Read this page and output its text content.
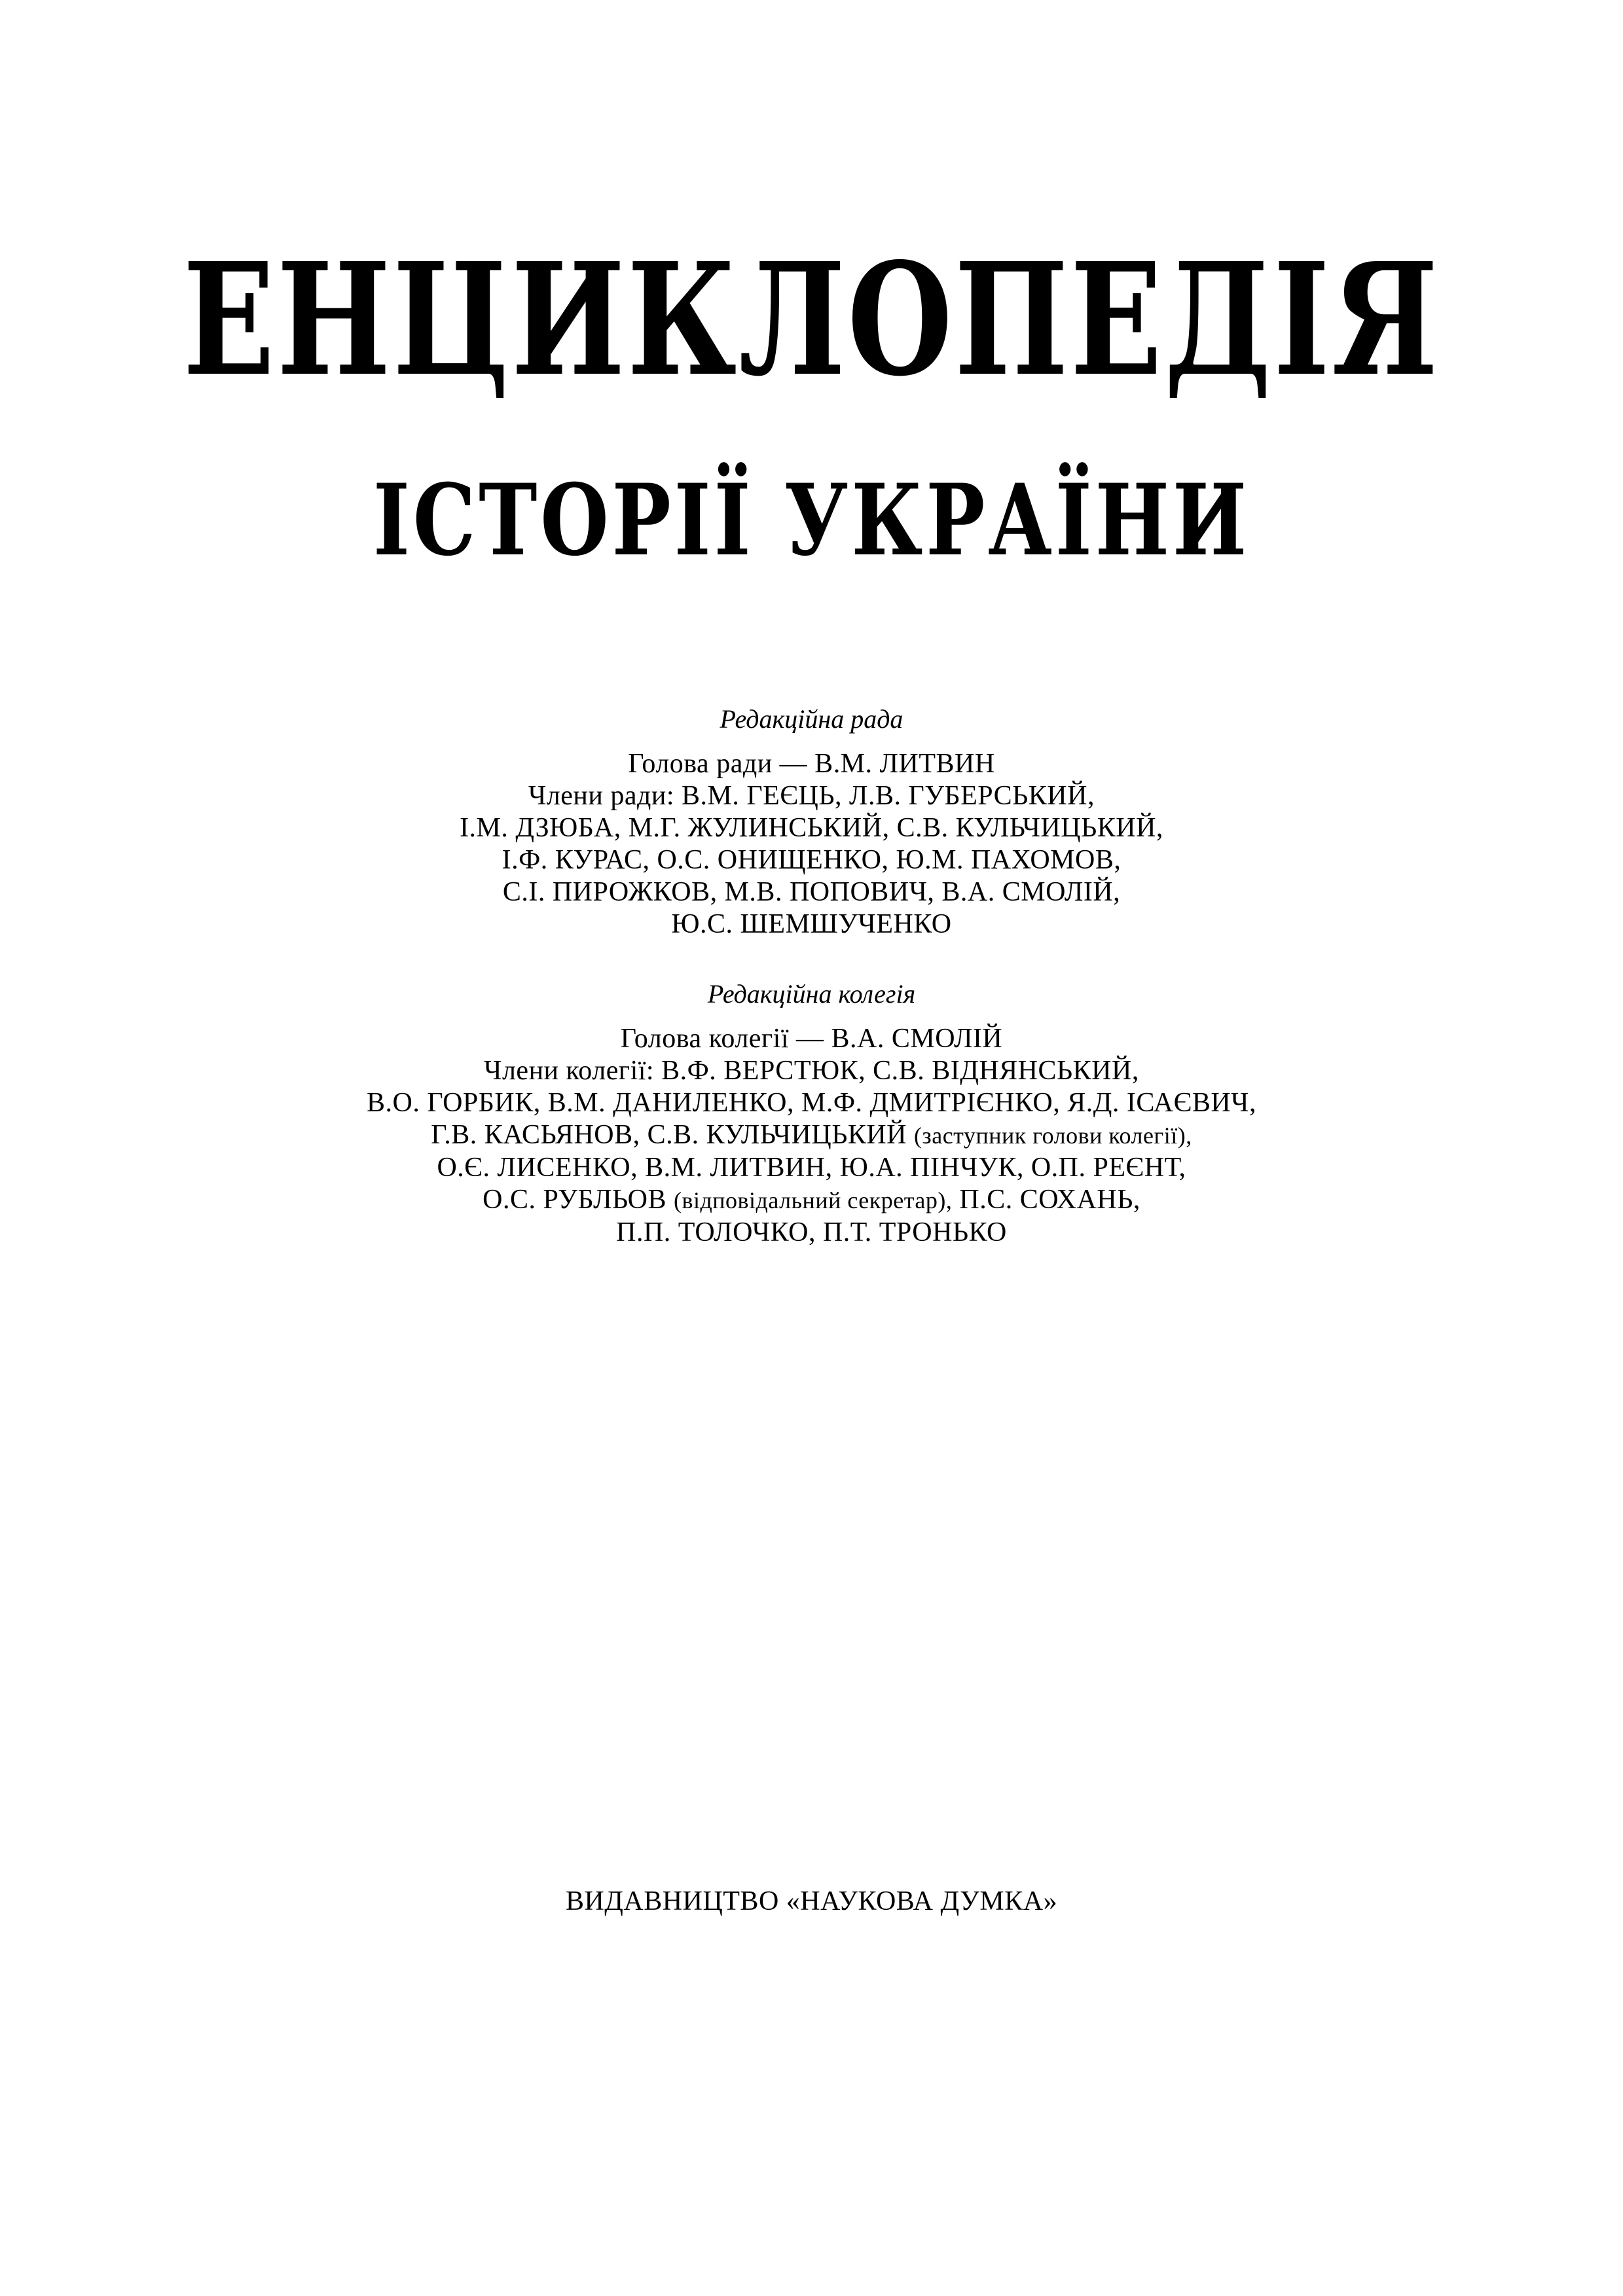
ЕНЦИКЛОПЕДІЯ
ІСТОРІЇ УКРАЇНИ
Редакційна рада
Голова ради — В.М. ЛИТВИН
Члени ради: В.М. ГЕЄЦЬ, Л.В. ГУБЕРСЬКИЙ,
І.М. ДЗЮБА, М.Г. ЖУЛИНСЬКИЙ, С.В. КУЛЬЧИЦЬКИЙ,
І.Ф. КУРАС, О.С. ОНИЩЕНКО, Ю.М. ПАХОМОВ,
С.І. ПИРОЖКОВ, М.В. ПОПОВИЧ, В.А. СМОЛІЙ,
Ю.С. ШЕМШУЧЕНКО
Редакційна колегія
Голова колегії — В.А. СМОЛІЙ
Члени колегії: В.Ф. ВЕРСТЮК, С.В. ВІДНЯНСЬКИЙ,
В.О. ГОРБИК, В.М. ДАНИЛЕНКО, М.Ф. ДМИТРІЄНКО, Я.Д. ІСАЄВИЧ,
Г.В. КАСЬЯНОВ, С.В. КУЛЬЧИЦЬКИЙ (заступник голови колегії),
О.Є. ЛИСЕНКО, В.М. ЛИТВИН, Ю.А. ПІНЧУК, О.П. РЕЄНТ,
О.С. РУБЛЬОВ (відповідальний секретар), П.С. СОХАНЬ,
П.П. ТОЛОЧКО, П.Т. ТРОНЬКО
ВИДАВНИЦТВО «НАУКОВА ДУМКА»
